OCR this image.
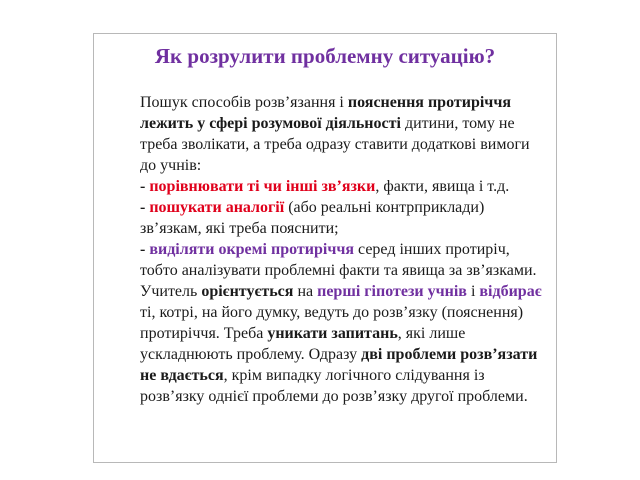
Як розрулити проблемну ситуацію?

Пошук способів розв’язання і пояснення протиріччя лежить у сфері розумової діяльності дитини, тому не треба зволікати, а треба одразу ставити додаткові вимоги до учнів:

- порівнювати ті чи інші зв’язки, факти, явища і т.д.

- пошукати аналогії (або реальні контрприклади) зв’язкам, які треба пояснити;

- виділяти окремі протиріччя серед інших протиріч, тобто аналізувати проблемні факти та явища за зв’язками.

Учитель орієнтується на перші гіпотези учнів і відбирає ті, котрі, на його думку, ведуть до розв’язку (пояснення) протиріччя. Треба уникати запитань, які лише ускладнюють проблему. Одразу дві проблеми розв’язати не вдається, крім випадку логічного слідування із розв’язку однієї проблеми до розв’язку другої проблеми.
